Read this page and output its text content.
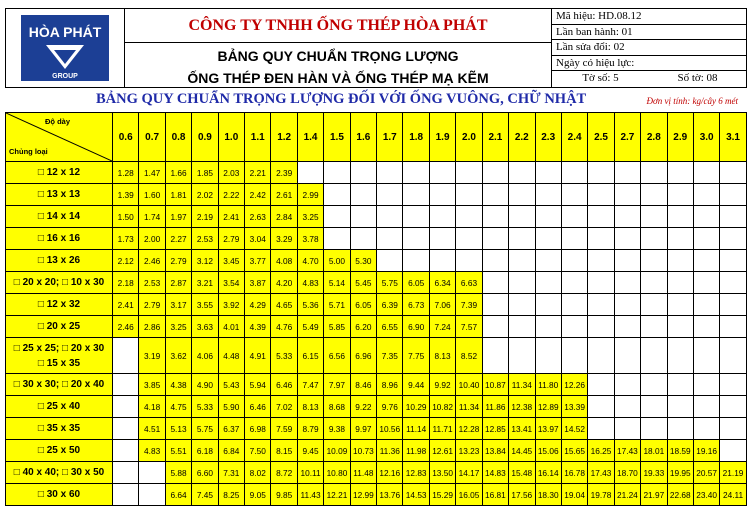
HÒA PHÁT
GROUP
CÔNG TY TNHH ỐNG THÉP HÒA PHÁT
BẢNG QUY CHUẨN TRỌNG LƯỢNG
ỐNG THÉP ĐEN HÀN VÀ ỐNG THÉP MẠ KẼM
Mã hiệu: HD.08.12
Lần ban hành: 01
Lần sửa đổi: 02
Ngày có hiệu lực:
Tờ số: 5	Số tờ: 08
BẢNG QUY CHUẨN TRỌNG LƯỢNG ĐỐI VỚI ỐNG VUÔNG, CHỮ NHẬT	Đơn vị tính: kg/cây 6 mét
Độ dày
Chủng loại	0.6	0.7	0.8	0.9	1.0	1.1	1.2	1.4	1.5	1.6	1.7	1.8	1.9	2.0	2.1	2.2	2.3	2.4	2.5	2.7	2.8	2.9	3.0	3.1

□ 12 x 12	1.28	1.47	1.66	1.85	2.03	2.21	2.39																	

□ 13 x 13	1.39	1.60	1.81	2.02	2.22	2.42	2.61	2.99																

□ 14 x 14	1.50	1.74	1.97	2.19	2.41	2.63	2.84	3.25																

□ 16 x 16	1.73	2.00	2.27	2.53	2.79	3.04	3.29	3.78																

□ 13 x 26	2.12	2.46	2.79	3.12	3.45	3.77	4.08	4.70	5.00	5.30														

□ 20 x 20; □ 10 x 30	2.18	2.53	2.87	3.21	3.54	3.87	4.20	4.83	5.14	5.45	5.75	6.05	6.34	6.63										

□ 12 x 32	2.41	2.79	3.17	3.55	3.92	4.29	4.65	5.36	5.71	6.05	6.39	6.73	7.06	7.39										

□ 20 x 25	2.46	2.86	3.25	3.63	4.01	4.39	4.76	5.49	5.85	6.20	6.55	6.90	7.24	7.57										

□ 25 x 25; □ 20 x 30
□ 15 x 35		3.19	3.62	4.06	4.48	4.91	5.33	6.15	6.56	6.96	7.35	7.75	8.13	8.52										

□ 30 x 30; □ 20 x 40		3.85	4.38	4.90	5.43	5.94	6.46	7.47	7.97	8.46	8.96	9.44	9.92	10.40	10.87	11.34	11.80	12.26						

□ 25 x 40		4.18	4.75	5.33	5.90	6.46	7.02	8.13	8.68	9.22	9.76	10.29	10.82	11.34	11.86	12.38	12.89	13.39						

□ 35 x 35		4.51	5.13	5.75	6.37	6.98	7.59	8.79	9.38	9.97	10.56	11.14	11.71	12.28	12.85	13.41	13.97	14.52						

□ 25 x 50		4.83	5.51	6.18	6.84	7.50	8.15	9.45	10.09	10.73	11.36	11.98	12.61	13.23	13.84	14.45	15.06	15.65	16.25	17.43	18.01	18.59	19.16	

□ 40 x 40; □ 30 x 50			5.88	6.60	7.31	8.02	8.72	10.11	10.80	11.48	12.16	12.83	13.50	14.17	14.83	15.48	16.14	16.78	17.43	18.70	19.33	19.95	20.57	21.19

□ 30 x 60			6.64	7.45	8.25	9.05	9.85	11.43	12.21	12.99	13.76	14.53	15.29	16.05	16.81	17.56	18.30	19.04	19.78	21.24	21.97	22.68	23.40	24.11
